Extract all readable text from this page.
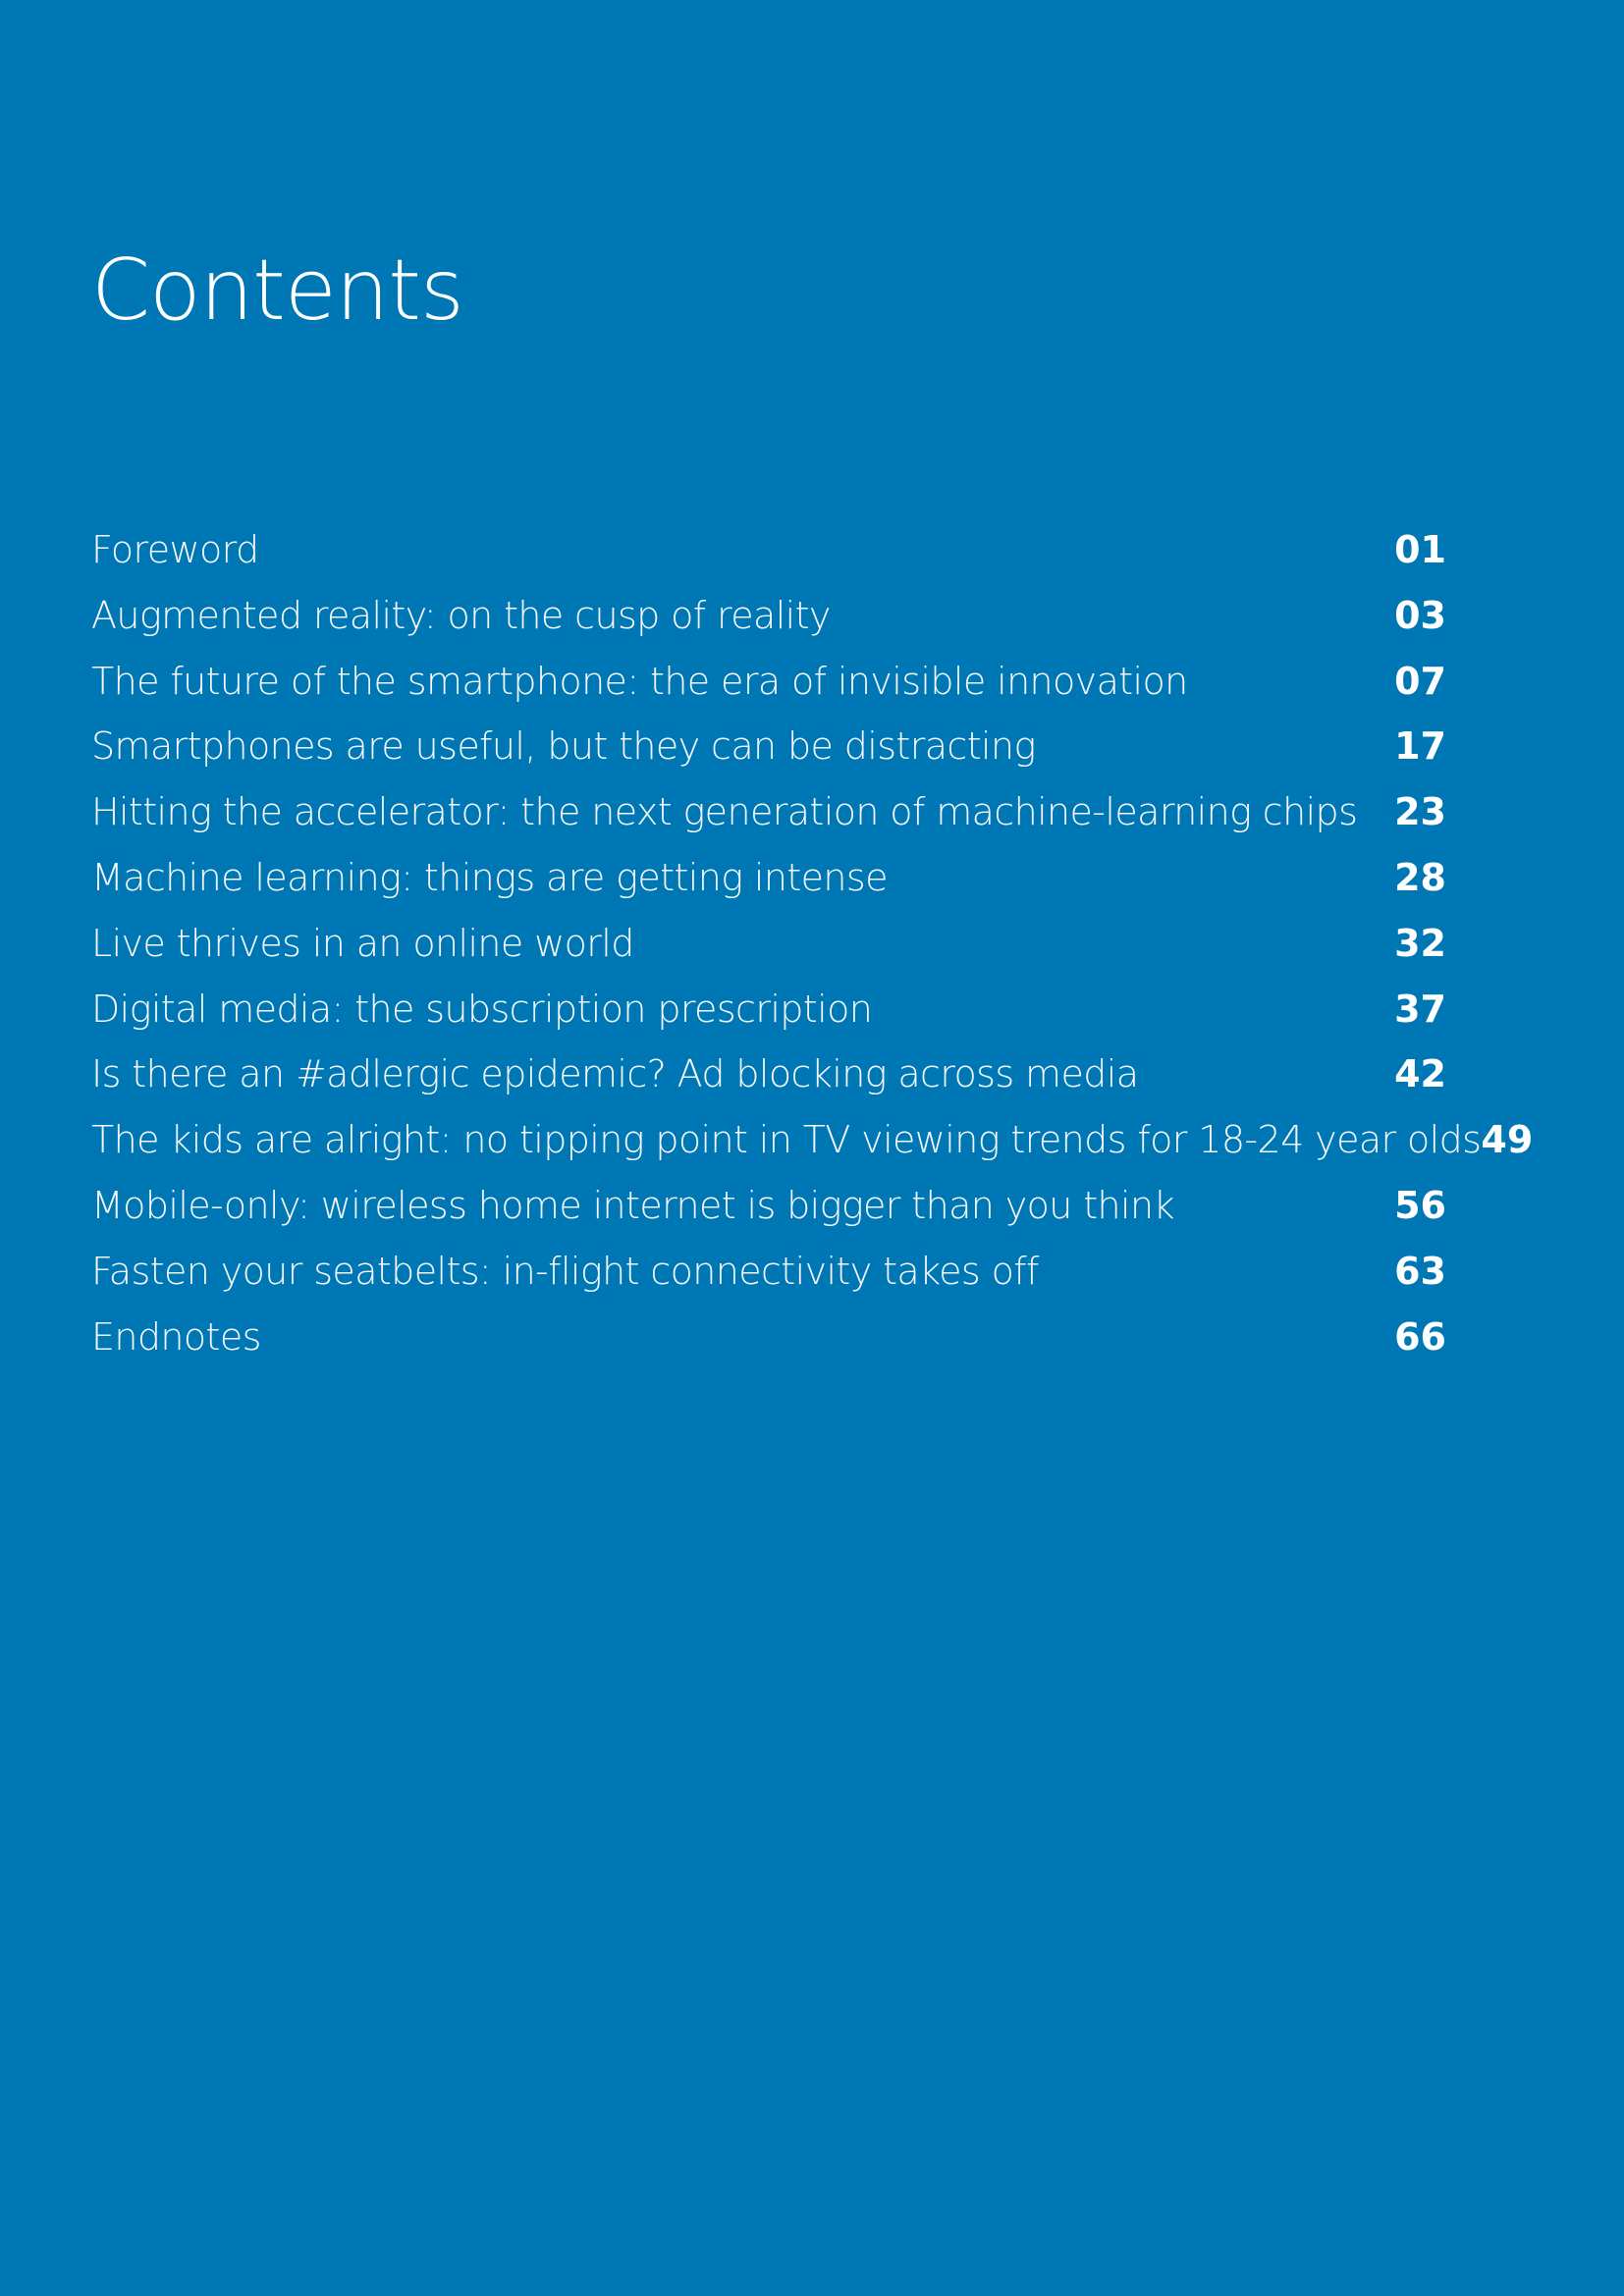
Contents
Foreword	01
Augmented reality: on the cusp of reality	03
The future of the smartphone: the era of invisible innovation	07
Smartphones are useful, but they can be distracting	17
Hitting the accelerator: the next generation of machine-learning chips 23
Machine learning: things are getting intense	28
Live thrives in an online world	32
Digital media: the subscription prescription	37
Is there an #adlergic epidemic? Ad blocking across media	42
The kids are alright: no tipping point in TV viewing trends for 18-24 year olds 49
Mobile-only: wireless home internet is bigger than you think	56
Fasten your seatbelts: in-flight connectivity takes off	63
Endnotes	66
